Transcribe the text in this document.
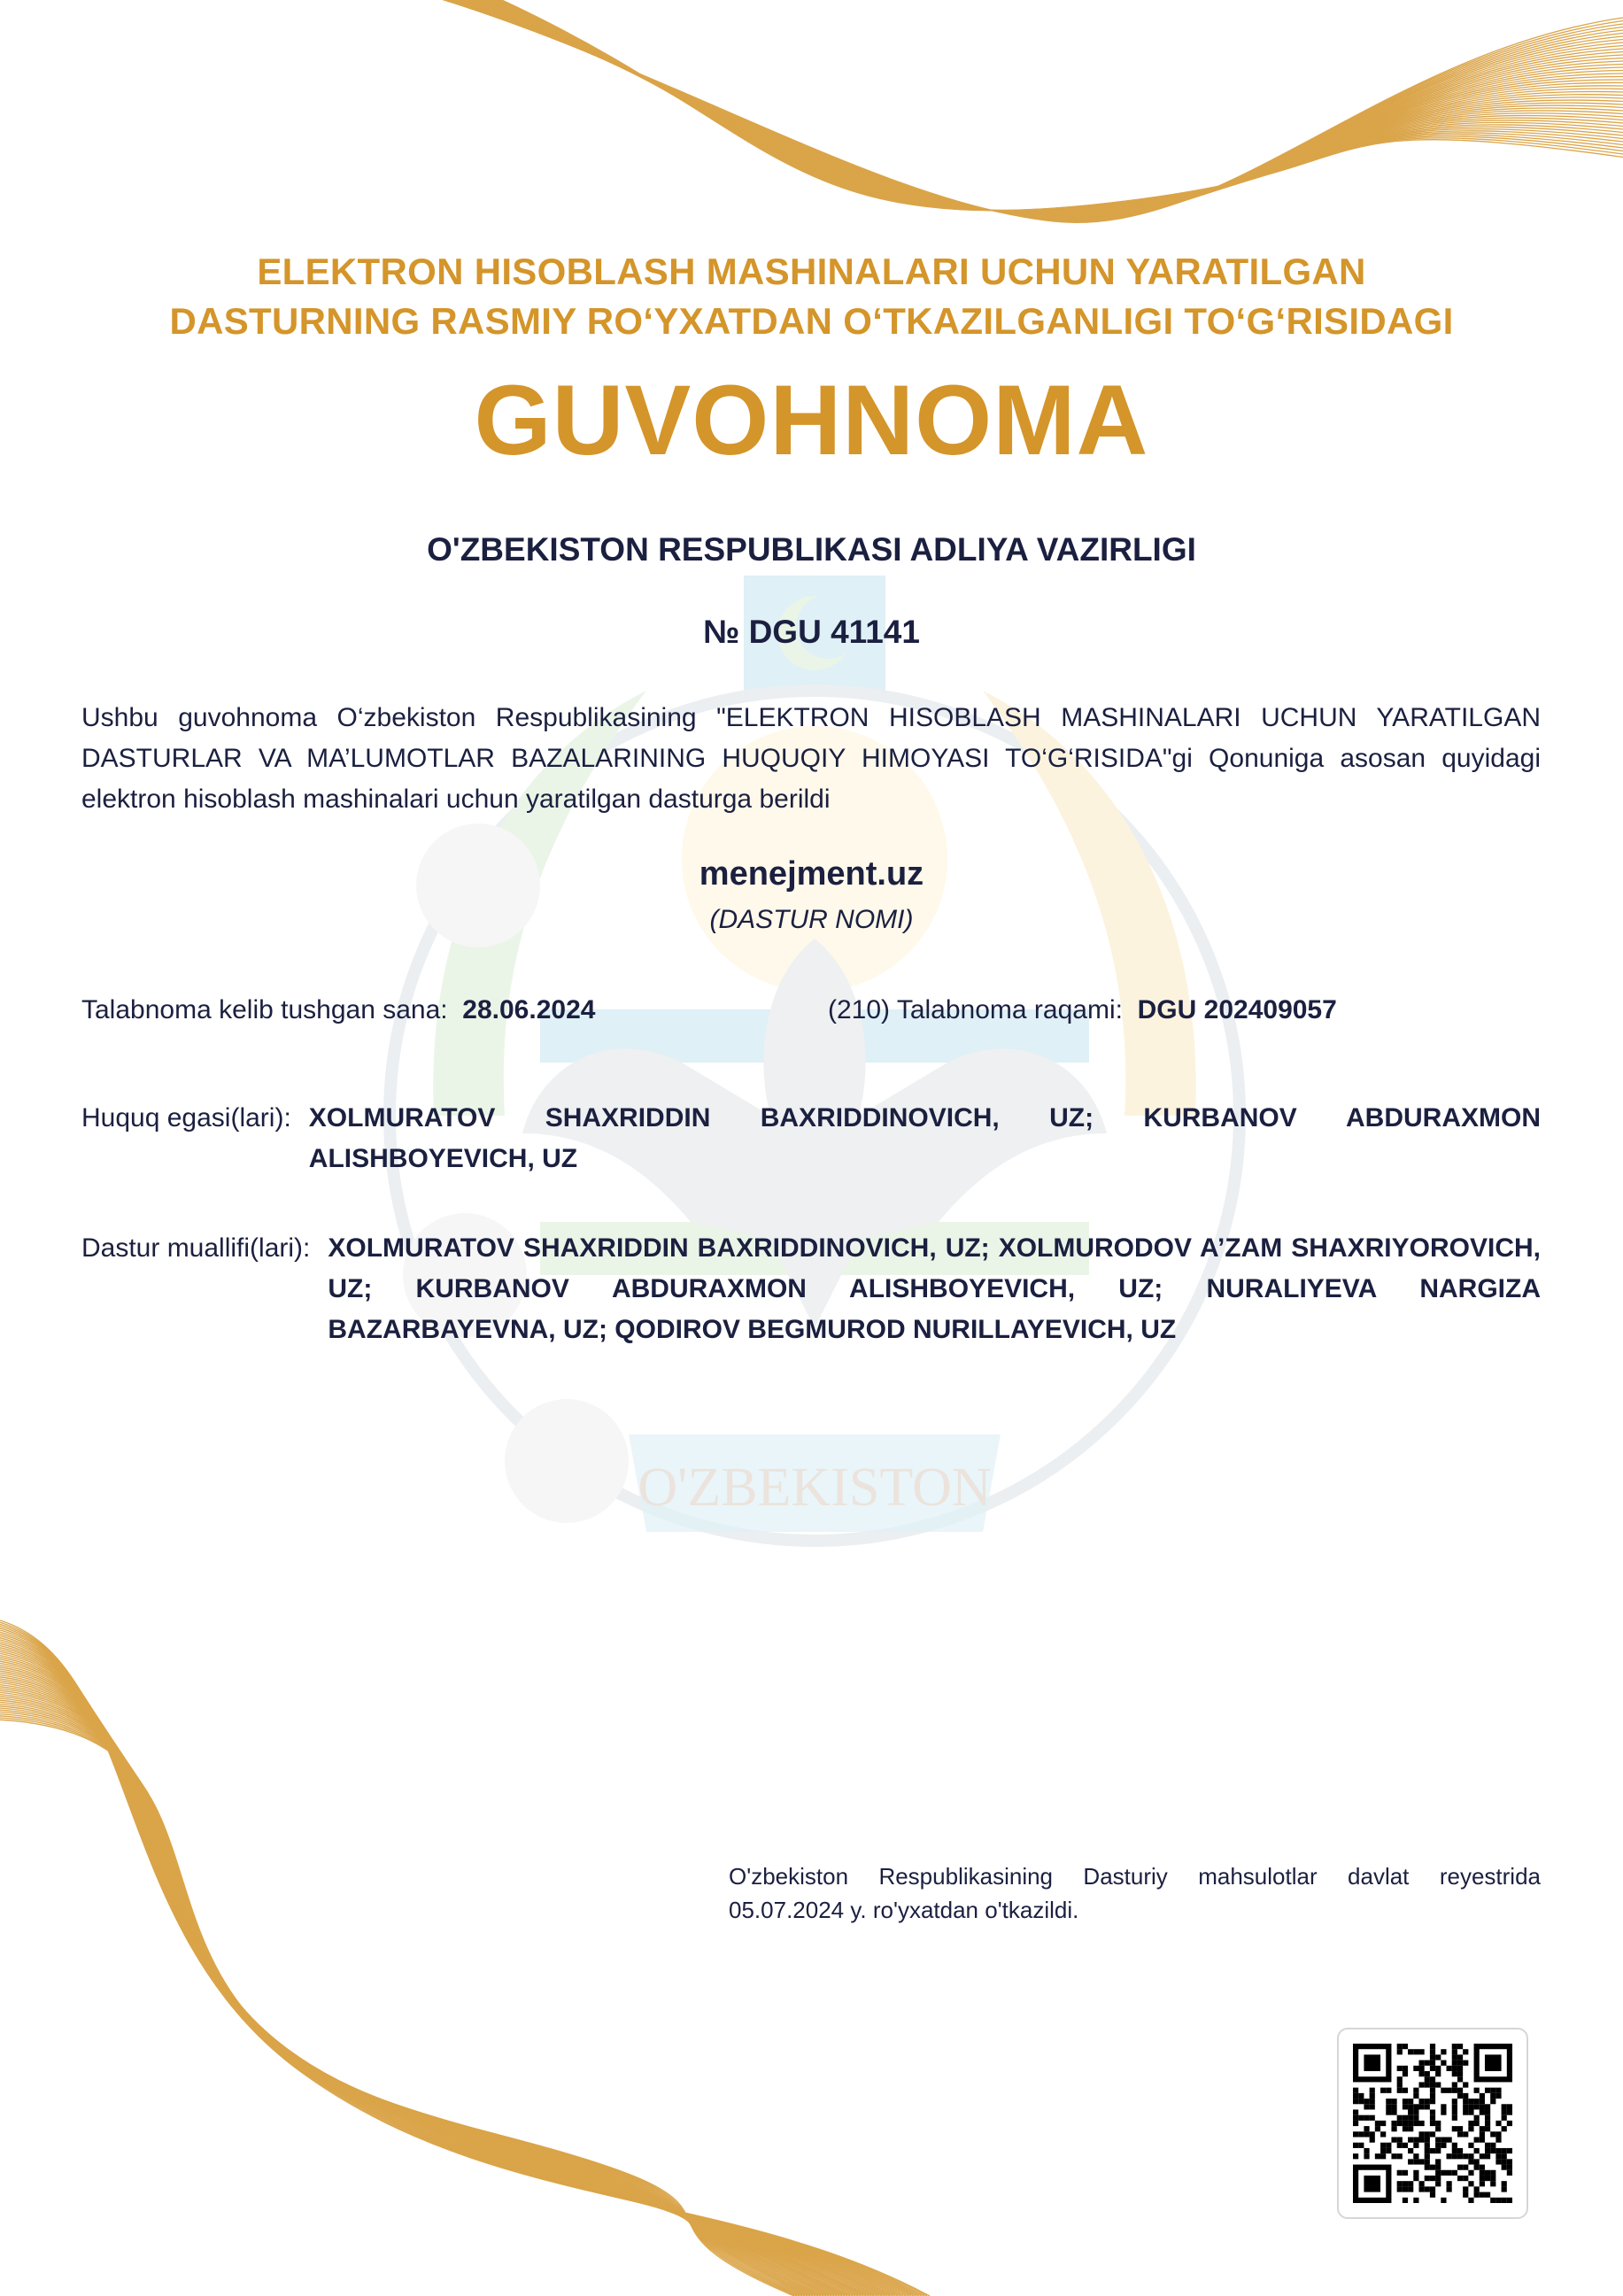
O'ZBEKISTON
ELEKTRON HISOBLASH MASHINALARI UCHUN YARATILGAN
DASTURNING RASMIY RO‘YXATDAN O‘TKAZILGANLIGI TO‘G‘RISIDAGI
GUVOHNOMA
O'ZBEKISTON RESPUBLIKASI ADLIYA VAZIRLIGI
№ DGU 41141
Ushbu guvohnoma O‘zbekiston Respublikasining "ELEKTRON HISOBLASH MASHINALARI UCHUN YARATILGAN DASTURLAR VA MA’LUMOTLAR BAZALARINING HUQUQIY HIMOYASI TO‘G‘RISIDA"gi Qonuniga asosan quyidagi elektron hisoblash mashinalari uchun yaratilgan dasturga berildi
menejment.uz
(DASTUR NOMI)
Talabnoma kelib tushgan sana: 28.06.2024	(210) Talabnoma raqami: DGU 202409057
Huquq egasi(lari): XOLMURATOV SHAXRIDDIN BAXRIDDINOVICH, UZ; KURBANOV ABDURAXMON ALISHBOYEVICH, UZ
Dastur muallifi(lari): XOLMURATOV SHAXRIDDIN BAXRIDDINOVICH, UZ; XOLMURODOV A’ZAM SHAXRIYOROVICH, UZ; KURBANOV ABDURAXMON ALISHBOYEVICH, UZ; NURALIYEVA NARGIZA BAZARBAYEVNA, UZ; QODIROV BEGMUROD NURILLAYEVICH, UZ
O'zbekiston Respublikasining Dasturiy mahsulotlar davlat reyestrida 05.07.2024 y. ro'yxatdan o'tkazildi.
